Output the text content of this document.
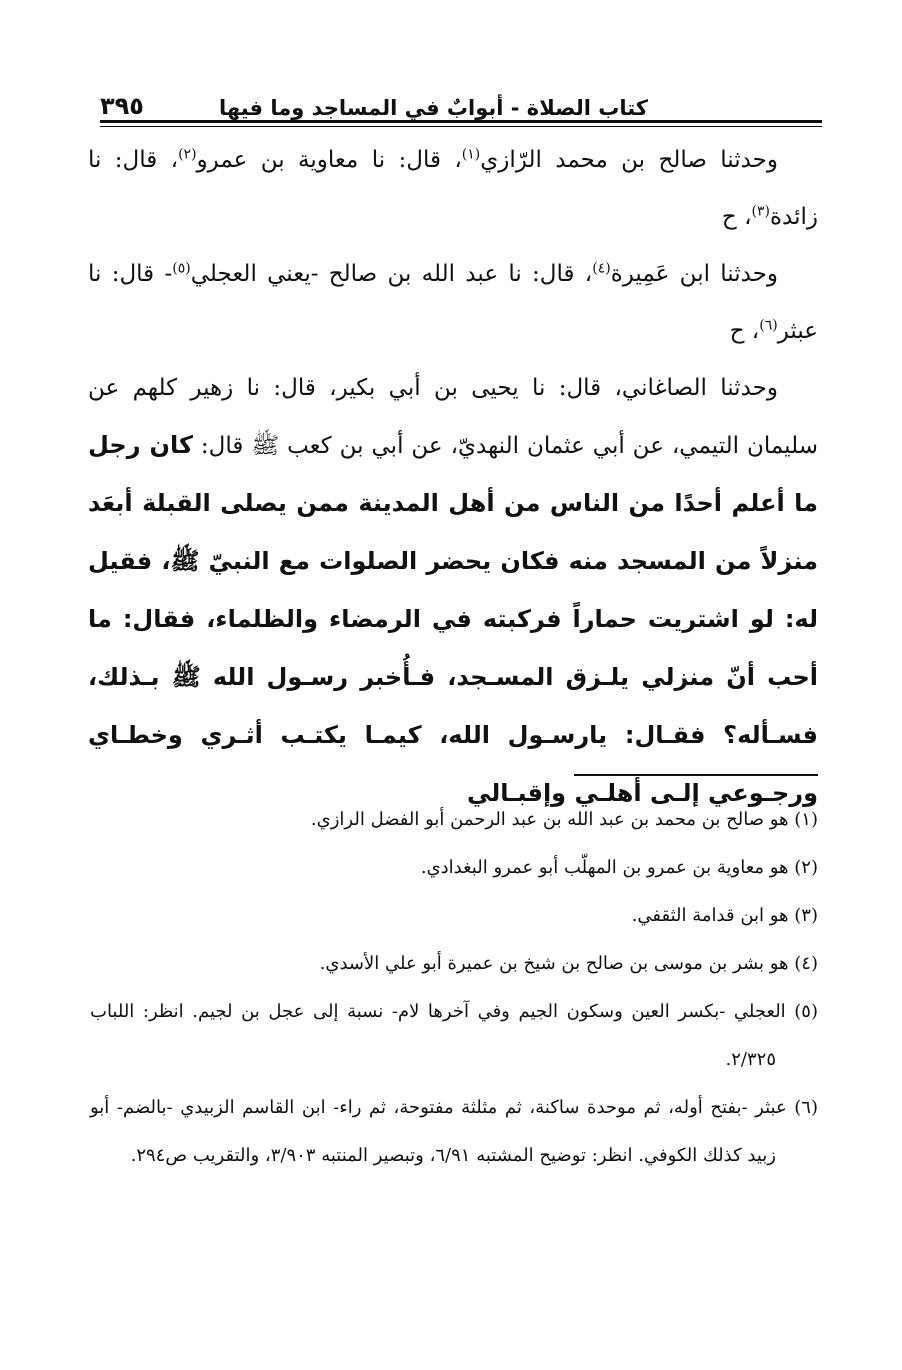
كتاب الصلاة - أبوابٌ في المساجد وما فيها
٣٩٥

وحدثنا صالح بن محمد الرّازي$^{(١)}$، قال: نا معاوية بن عمرو$^{(٢)}$، قال: نا زائدة$^{(٣)}$، ح

وحدثنا ابن عَمِيرة$^{(٤)}$، قال: نا عبد الله بن صالح -يعني العجلي$^{(٥)}$- قال: نا عبثر$^{(٦)}$، ح

وحدثنا الصاغاني، قال: نا يحيى بن أبي بكير، قال: نا زهير كلهم عن سليمان التيمي، عن أبي عثمان النهديّ، عن أبي بن كعب ﷺ قال: كان رجل ما أعلم أحدًا من الناس من أهل المدينة ممن يصلى القبلة أبعَد منزلاً من المسجد منه فكان يحضر الصلوات مع النبيّ ﷺ، فقيل له: لو اشتريت حماراً فركبته في الرمضاء والظلماء، فقال: ما أحب أنّ منزلي يلـزق المسـجد، فـأُخبر رسـول الله ﷺ بـذلك، فسـأله؟ فقـال: يارسـول الله، كيمـا يكتـب أثـري وخطـاي ورجـوعي إلـى أهلـي وإقبـالي

(١) هو صالح بن محمد بن عبد الله بن عبد الرحمن أبو الفضل الرازي.

(٢) هو معاوية بن عمرو بن المهلّب أبو عمرو البغدادي.

(٣) هو ابن قدامة الثقفي.

(٤) هو بشر بن موسى بن صالح بن شيخ بن عميرة أبو علي الأسدي.

(٥) العجلي -بكسر العين وسكون الجيم وفي آخرها لام- نسبة إلى عجل بن لجيم. انظر: اللباب ٢/٣٢٥.

(٦) عبثر -بفتح أوله، ثم موحدة ساكنة، ثم مثلثة مفتوحة، ثم راء- ابن القاسم الزبيدي -بالضم- أبو زبيد كذلك الكوفي. انظر: توضيح المشتبه ٦/٩١، وتبصير المنتبه ٣/٩٠٣، والتقريب ص٢٩٤.
